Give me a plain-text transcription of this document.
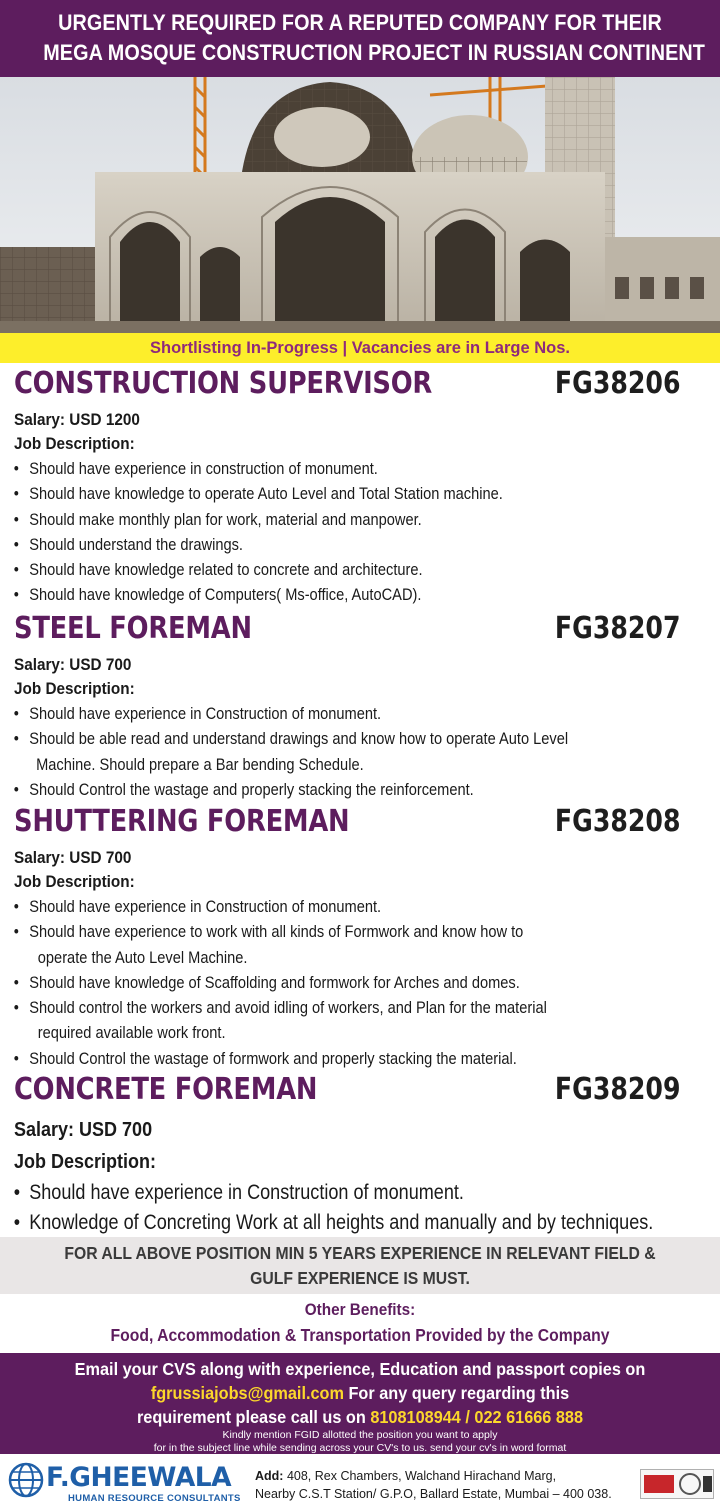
URGENTLY REQUIRED FOR A REPUTED COMPANY FOR THEIR
MEGA MOSQUE CONSTRUCTION PROJECT IN RUSSIAN CONTINENT
Shortlisting In-Progress | Vacancies are in Large Nos.
CONSTRUCTION SUPERVISOR	FG38206
Salary: USD 1200
Job Description:
• Should have experience in construction of monument.
• Should have knowledge to operate Auto Level and Total Station machine.
• Should make monthly plan for work, material and manpower.
• Should understand the drawings.
• Should have knowledge related to concrete and architecture.
• Should have knowledge of Computers( Ms-office, AutoCAD).
STEEL FOREMAN	FG38207
Salary: USD 700
Job Description:
• Should have experience in Construction of monument.
• Should be able read and understand drawings and know how to operate Auto Level
Machine. Should prepare a Bar bending Schedule.
• Should Control the wastage and properly stacking the reinforcement.
SHUTTERING FOREMAN	FG38208
Salary: USD 700
Job Description:
• Should have experience in Construction of monument.
• Should have experience to work with all kinds of Formwork and know how to
operate the Auto Level Machine.
• Should have knowledge of Scaffolding and formwork for Arches and domes.
• Should control the workers and avoid idling of workers, and Plan for the material
required available work front.
• Should Control the wastage of formwork and properly stacking the material.
CONCRETE FOREMAN	FG38209
Salary: USD 700
Job Description:
• Should have experience in Construction of monument.
• Knowledge of Concreting Work at all heights and manually and by techniques.
FOR ALL ABOVE POSITION MIN 5 YEARS EXPERIENCE IN RELEVANT FIELD &
GULF EXPERIENCE IS MUST.
Other Benefits:
Food, Accommodation & Transportation Provided by the Company
Email your CVS along with experience, Education and passport copies on
fgrussiajobs@gmail.com For any query regarding this
requirement please call us on 8108108944 / 022 61666 888
Kindly mention FGID allotted the position you want to apply
for in the subject line while sending across your CV's to us. send your cv's in word format
F.GHEEWALA
HUMAN RESOURCE CONSULTANTS
Add: 408, Rex Chambers, Walchand Hirachand Marg,
Nearby C.S.T Station/ G.P.O, Ballard Estate, Mumbai – 400 038.
